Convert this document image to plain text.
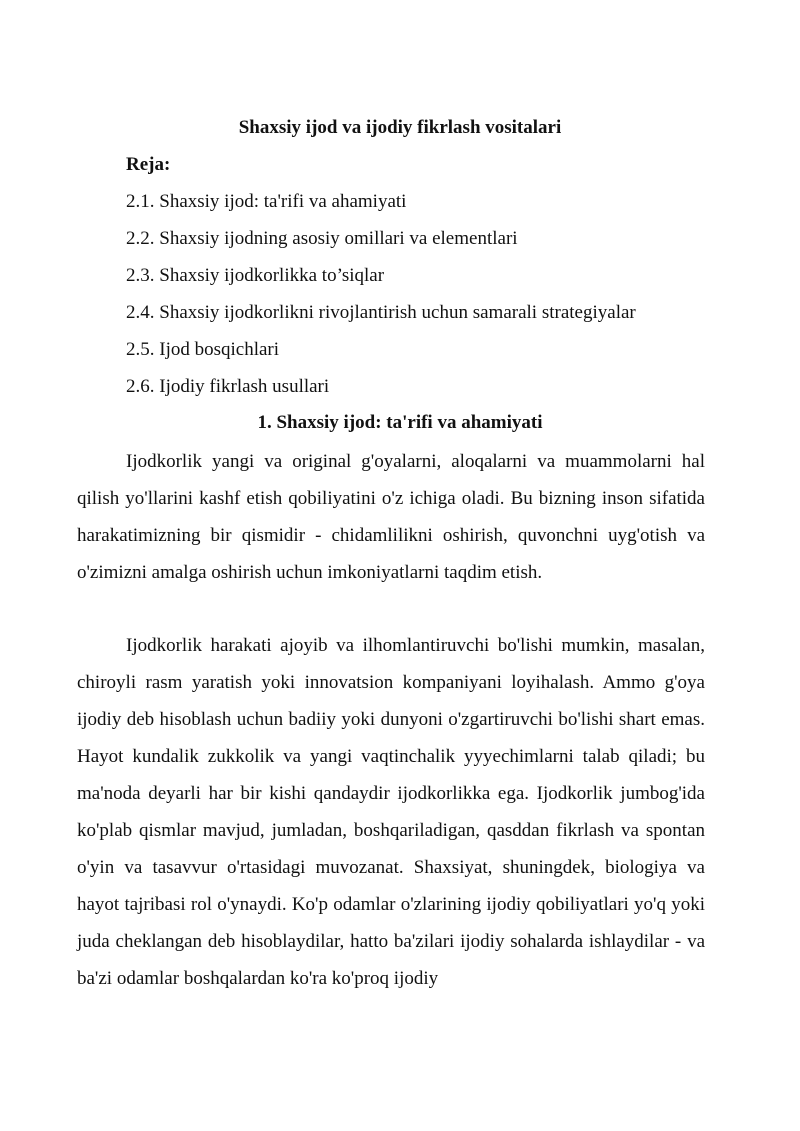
Shaxsiy ijod va ijodiy fikrlash vositalari

Reja:

2.1. Shaxsiy ijod: ta'rifi va ahamiyati
2.2. Shaxsiy ijodning asosiy omillari va elementlari
2.3. Shaxsiy ijodkorlikka to’siqlar
2.4. Shaxsiy ijodkorlikni rivojlantirish uchun samarali strategiyalar
2.5. Ijod bosqichlari
2.6. Ijodiy fikrlash usullari
1. Shaxsiy ijod: ta'rifi va ahamiyati

Ijodkorlik yangi va original g'oyalarni, aloqalarni va muammolarni hal qilish yo'llarini kashf etish qobiliyatini o'z ichiga oladi. Bu bizning inson sifatida harakatimizning bir qismidir - chidamlilikni oshirish, quvonchni uyg'otish va o'zimizni amalga oshirish uchun imkoniyatlarni taqdim etish.

Ijodkorlik harakati ajoyib va ilhomlantiruvchi bo'lishi mumkin, masalan, chiroyli rasm yaratish yoki innovatsion kompaniyani loyihalash. Ammo g'oya ijodiy deb hisoblash uchun badiiy yoki dunyoni o'zgartiruvchi bo'lishi shart emas. Hayot kundalik zukkolik va yangi vaqtinchalik yyyechimlarni talab qiladi; bu ma'noda deyarli har bir kishi qandaydir ijodkorlikka ega. Ijodkorlik jumbog'ida ko'plab qismlar mavjud, jumladan, boshqariladigan, qasddan fikrlash va spontan o'yin va tasavvur o'rtasidagi muvozanat. Shaxsiyat, shuningdek, biologiya va hayot tajribasi rol o'ynaydi. Ko'p odamlar o'zlarining ijodiy qobiliyatlari yo'q yoki juda cheklangan deb hisoblaydilar, hatto ba'zilari ijodiy sohalarda ishlaydilar - va ba'zi odamlar boshqalardan ko'ra ko'proq ijodiy
